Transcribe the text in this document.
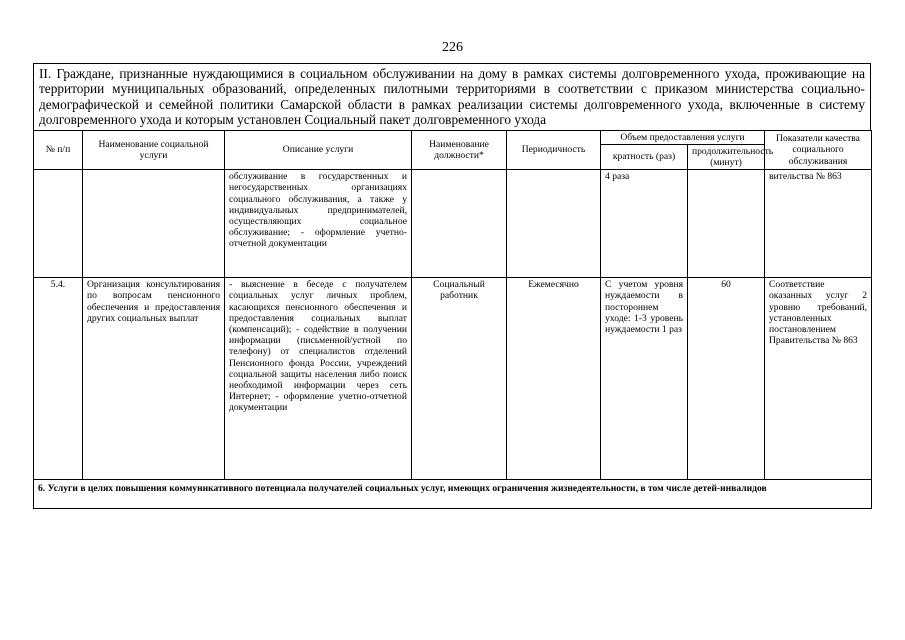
226
II. Граждане, признанные нуждающимися в социальном обслуживании на дому в рамках системы долговременного ухода, проживающие на территории муниципальных образований, определенных пилотными территориями в соответствии с приказом министерства социально-демографической и семейной политики Самарской области в рамках реализации системы долговременного ухода, включенные в систему долговременного ухода и которым установлен Социальный пакет долговременного ухода
№ п/п	Наименование социальной услуги	Описание услуги	Наименование должности*	Периодичность	Объем предоставления услуги		Показатели качества социального обслуживания
					кратность (раз)	продолжительность (минут)	
		обслуживание в государственных и негосударственных организациях социального обслуживания, а также у индивидуальных предпринимателей, осуществляющих социальное обслуживание; - оформление учетно-отчетной документации			4 раза		вительства № 863
5.4.	Организация консультирования по вопросам пенсионного обеспечения и предоставления других социальных выплат	- выяснение в беседе с получателем социальных услуг личных проблем, касающихся пенсионного обеспечения и предоставления социальных выплат (компенсаций); - содействие в получении информации (письменной/устной по телефону) от специалистов отделений Пенсионного фонда России, учреждений социальной защиты населения либо поиск необходимой информации через сеть Интернет; - оформление учетно-отчетной документации	Социальный работник	Ежемесячно	С учетом уровня нуждаемости в постороннем уходе: 1-3 уровень нуждаемости 1 раз	60	Соответствие оказанных услуг 2 уровню требований, установленных постановлением Правительства № 863
6. Услуги в целях повышения коммуникативного потенциала получателей социальных услуг, имеющих ограничения жизнедеятельности, в том числе детей-инвалидов							
